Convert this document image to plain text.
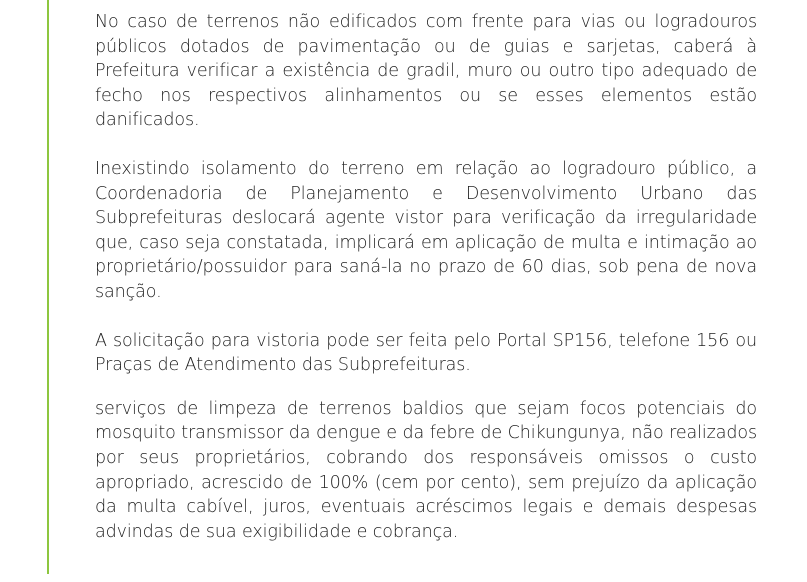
No caso de terrenos não edificados com frente para vias ou logradouros públicos dotados de pavimentação ou de guias e sarjetas, caberá à Prefeitura verificar a existência de gradil, muro ou outro tipo adequado de fecho nos respectivos alinhamentos ou se esses elementos estão danificados.

Inexistindo isolamento do terreno em relação ao logradouro público, a Coordenadoria de Planejamento e Desenvolvimento Urbano das Subprefeituras deslocará agente vistor para verificação da irregularidade que, caso seja constatada, implicará em aplicação de multa e intimação ao proprietário/possuidor para saná-la no prazo de 60 dias, sob pena de nova sanção.

A solicitação para vistoria pode ser feita pelo Portal SP156, telefone 156 ou Praças de Atendimento das Subprefeituras.

serviços de limpeza de terrenos baldios que sejam focos potenciais do mosquito transmissor da dengue e da febre de Chikungunya, não realizados por seus proprietários, cobrando dos responsáveis omissos o custo apropriado, acrescido de 100% (cem por cento), sem prejuízo da aplicação da multa cabível, juros, eventuais acréscimos legais e demais despesas advindas de sua exigibilidade e cobrança.
